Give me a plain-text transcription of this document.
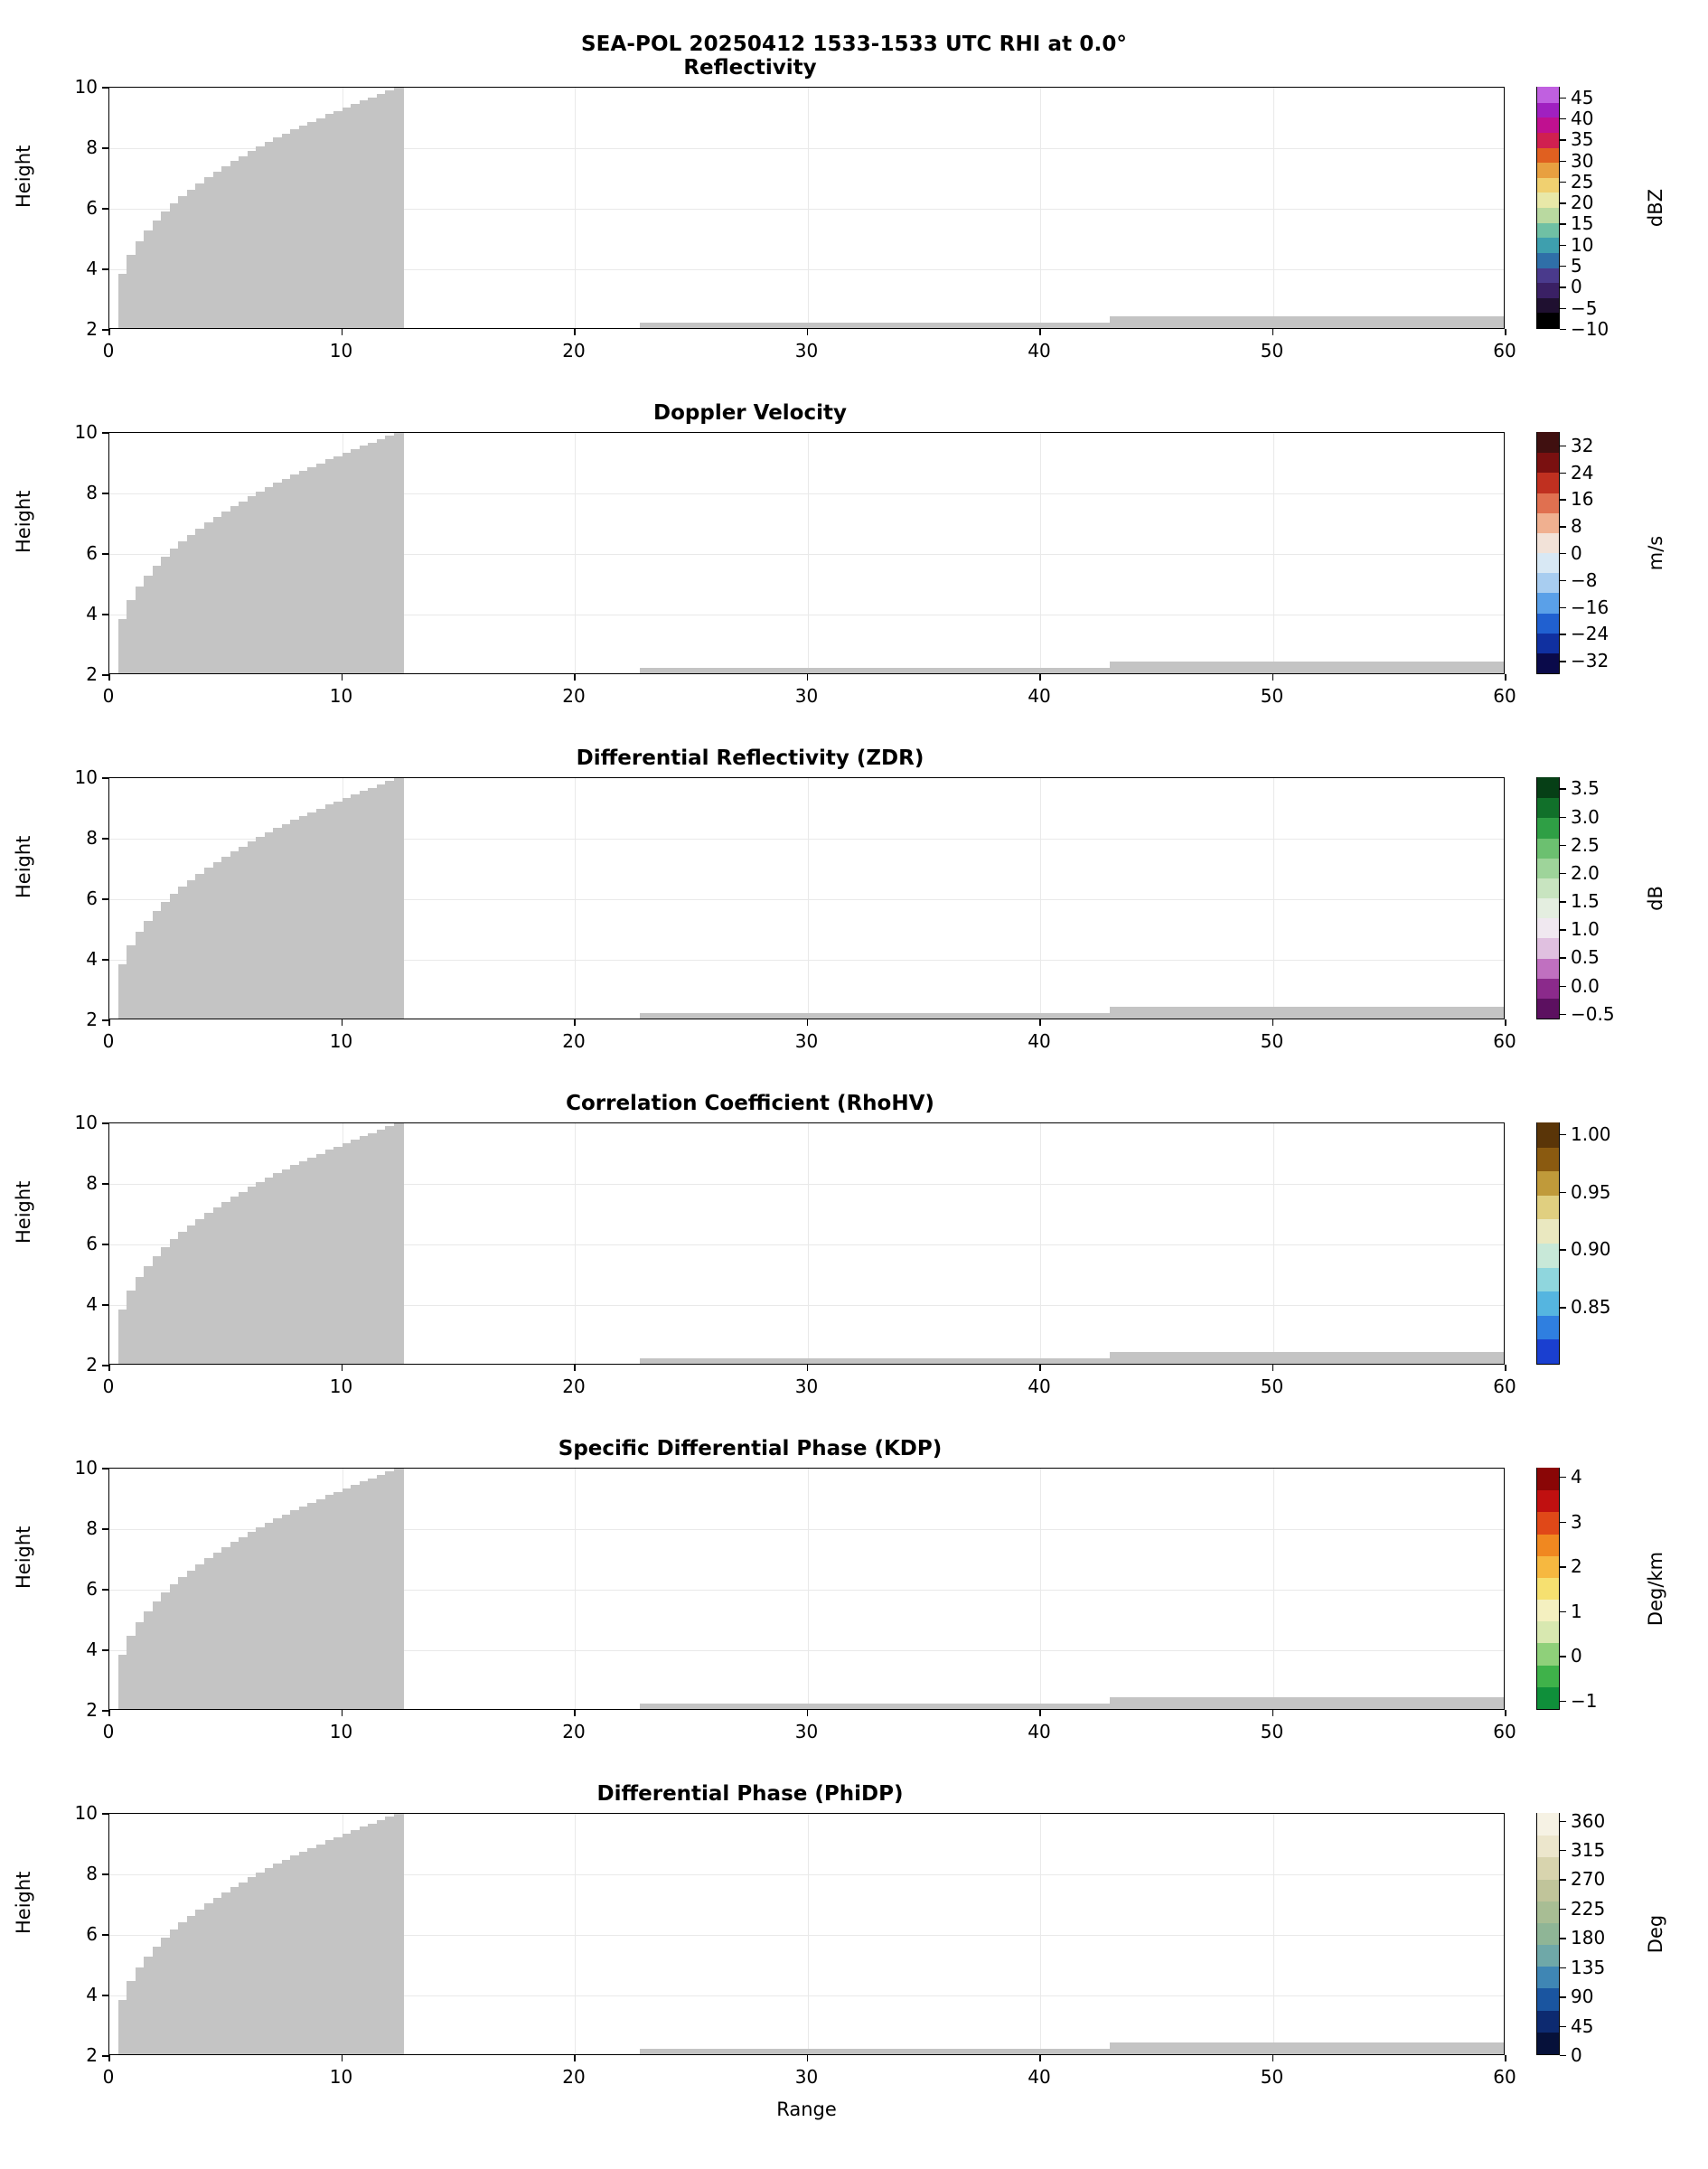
SEA-POL 20250412 1533-1533 UTC RHI at 0.0°
Reflectivity
Height
2
4
6
8
10
0	10	20	30	40	50	60
−10
−5
0
5
10
15
20
25
30
35
40
45
dBZ
Doppler Velocity
Height
2
4
6
8
10
0	10	20	30	40	50	60
−32
−24
−16
−8
0
8
16
24
32
m/s
Differential Reflectivity (ZDR)
Height
2
4
6
8
10
0	10	20	30	40	50	60
−0.5
0.0
0.5
1.0
1.5
2.0
2.5
3.0
3.5
dB
Correlation Coefficient (RhoHV)
Height
2
4
6
8
10
0	10	20	30	40	50	60
0.85
0.90
0.95
1.00
Specific Differential Phase (KDP)
Height
2
4
6
8
10
0	10	20	30	40	50	60
−1
0
1
2
3
4
Deg/km
Differential Phase (PhiDP)
Height
2
4
6
8
10
0	10	20	30	40	50	60
0
45
90
135
180
225
270
315
360
Deg
Range
